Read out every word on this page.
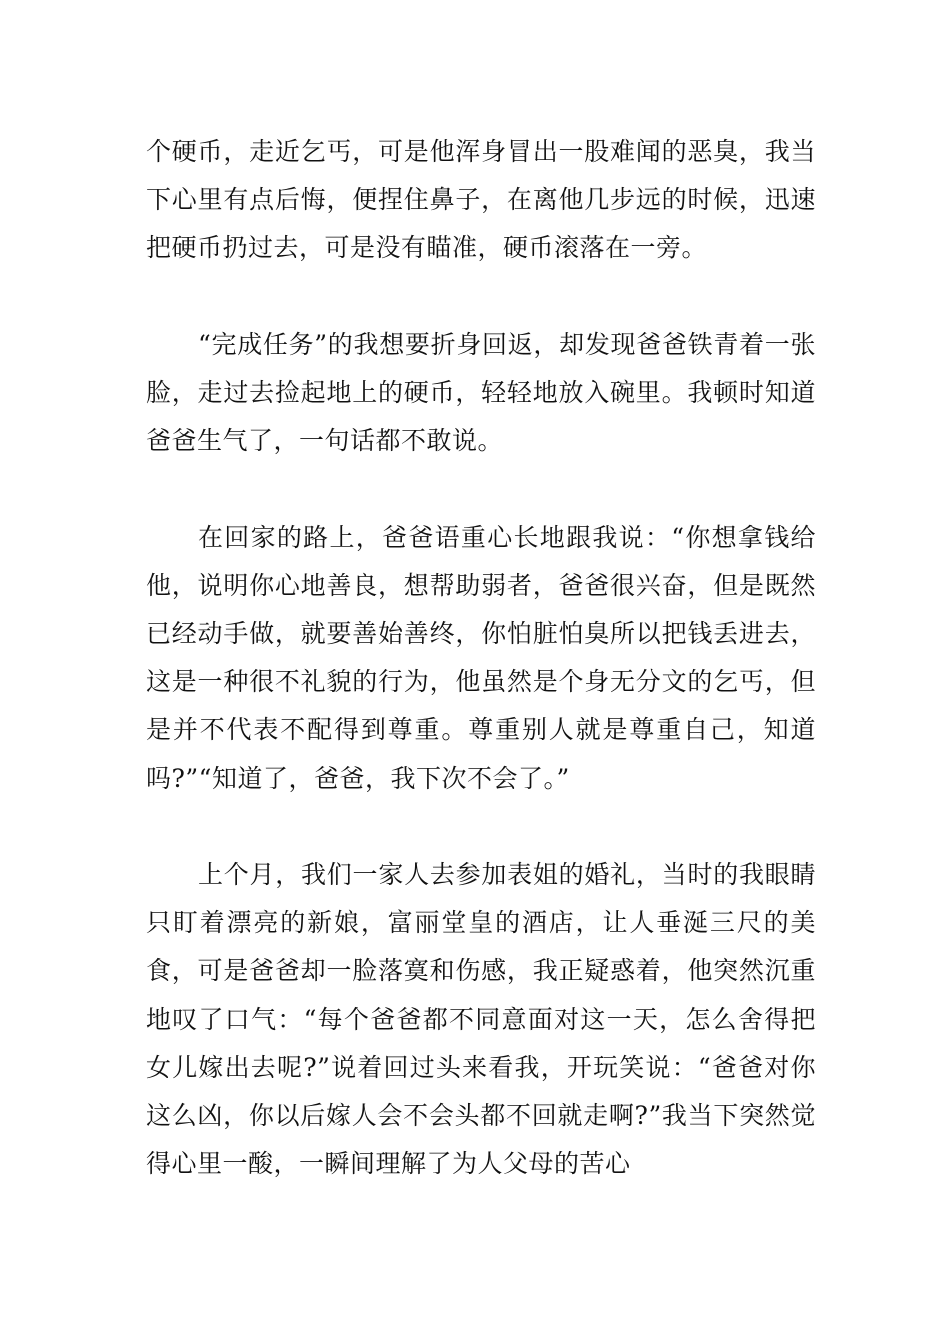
个硬币，走近乞丐，可是他浑身冒出一股难闻的恶臭，我当下心里有点后悔，便捏住鼻子，在离他几步远的时候，迅速把硬币扔过去，可是没有瞄准，硬币滚落在一旁。

“完成任务”的我想要折身回返，却发现爸爸铁青着一张脸，走过去捡起地上的硬币，轻轻地放入碗里。我顿时知道爸爸生气了，一句话都不敢说。

在回家的路上，爸爸语重心长地跟我说：“你想拿钱给他，说明你心地善良，想帮助弱者，爸爸很兴奋，但是既然已经动手做，就要善始善终，你怕脏怕臭所以把钱丢进去，这是一种很不礼貌的行为，他虽然是个身无分文的乞丐，但是并不代表不配得到尊重。尊重别人就是尊重自己，知道吗?”“知道了，爸爸，我下次不会了。”

上个月，我们一家人去参加表姐的婚礼，当时的我眼睛只盯着漂亮的新娘，富丽堂皇的酒店，让人垂涎三尺的美食，可是爸爸却一脸落寞和伤感，我正疑惑着，他突然沉重地叹了口气：“每个爸爸都不同意面对这一天，怎么舍得把女儿嫁出去呢?”说着回过头来看我，开玩笑说：“爸爸对你这么凶，你以后嫁人会不会头都不回就走啊?”我当下突然觉得心里一酸，一瞬间理解了为人父母的苦心
